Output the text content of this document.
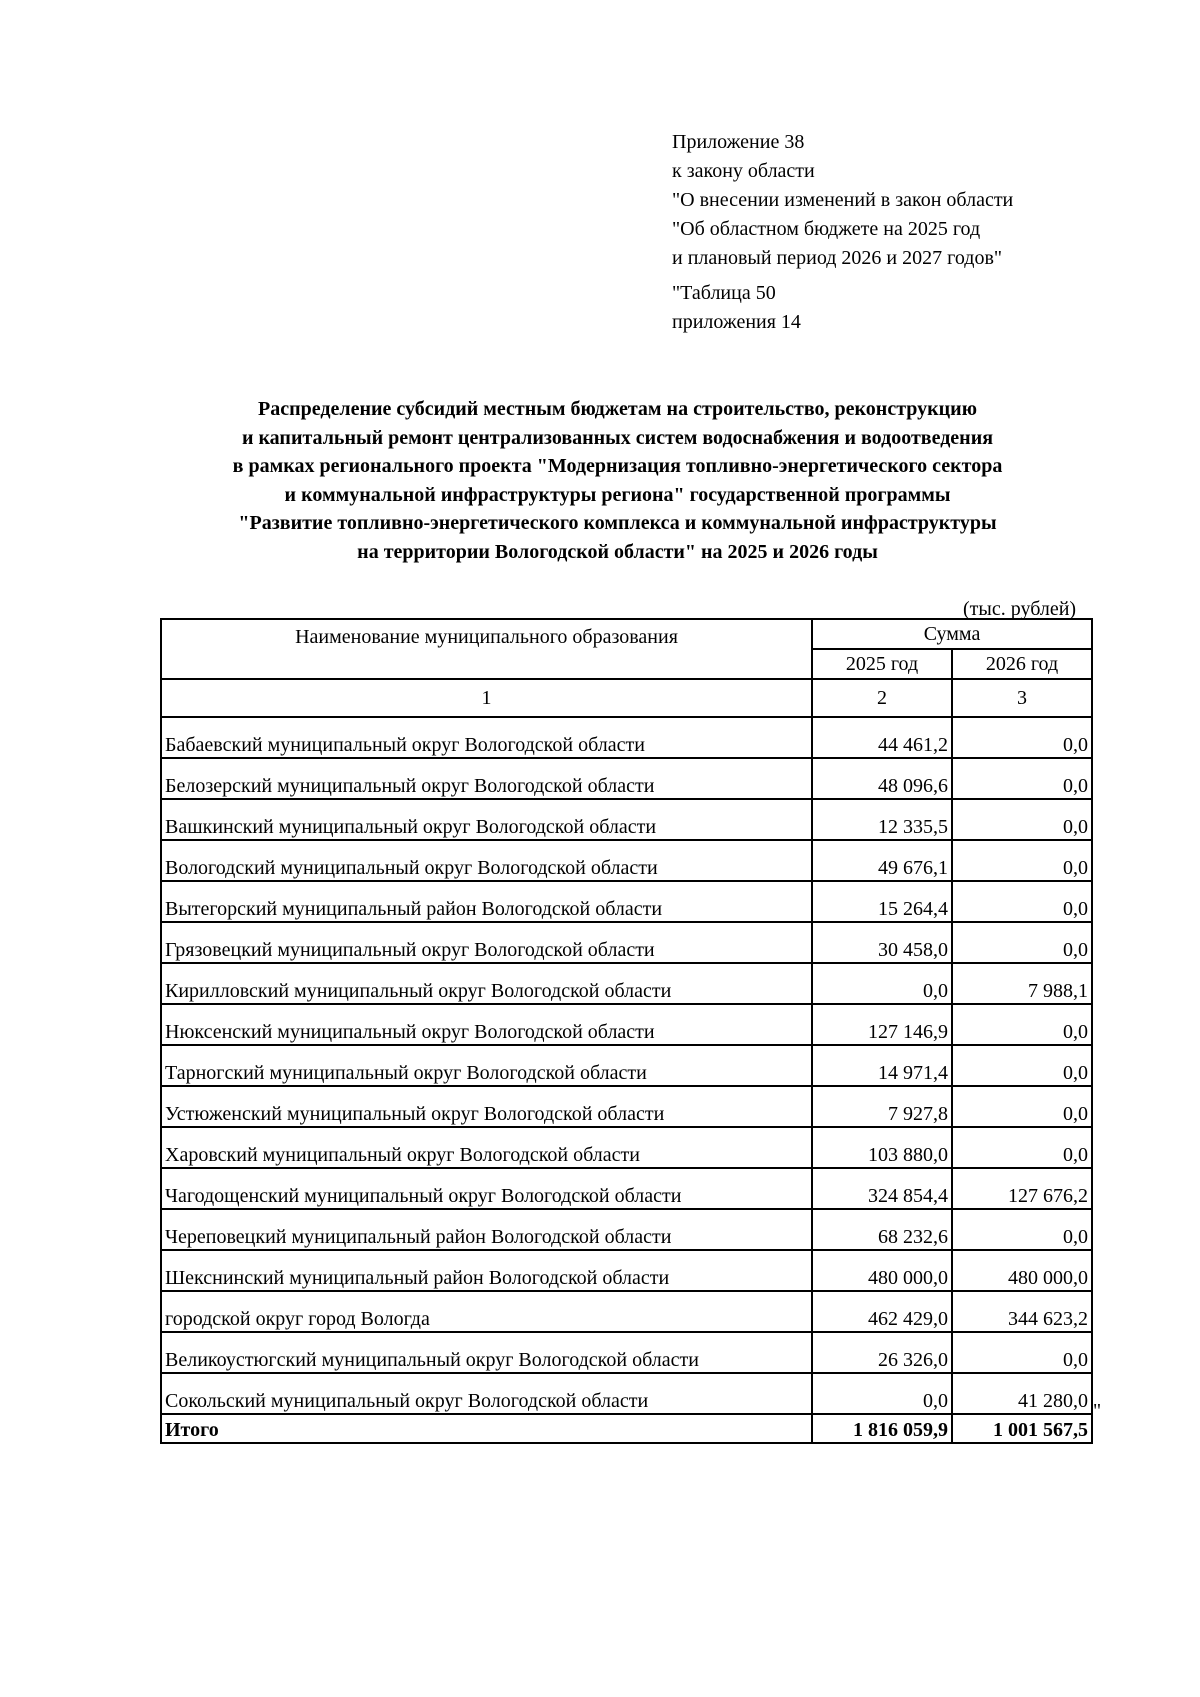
Приложение 38
к закону области
"О внесении изменений в закон области
"Об областном бюджете на 2025 год
и плановый период 2026 и 2027 годов"
"Таблица 50
приложения 14
Распределение субсидий местным бюджетам на строительство, реконструкцию
и капитальный ремонт централизованных систем водоснабжения и водоотведения
в рамках регионального проекта "Модернизация топливно-энергетического сектора
и коммунальной инфраструктуры региона" государственной программы
"Развитие топливно-энергетического комплекса и коммунальной инфраструктуры
на территории Вологодской области" на 2025 и 2026 годы
(тыс. рублей)
Наименование муниципального образования	Сумма	
	2025 год	2026 год
1	2	3
Бабаевский муниципальный округ Вологодской области	44 461,2	0,0
Белозерский муниципальный округ Вологодской области	48 096,6	0,0
Вашкинский муниципальный округ Вологодской области	12 335,5	0,0
Вологодский муниципальный округ Вологодской области	49 676,1	0,0
Вытегорский муниципальный район Вологодской области	15 264,4	0,0
Грязовецкий муниципальный округ Вологодской области	30 458,0	0,0
Кирилловский муниципальный округ Вологодской области	0,0	7 988,1
Нюксенский муниципальный округ Вологодской области	127 146,9	0,0
Тарногский муниципальный округ Вологодской области	14 971,4	0,0
Устюженский муниципальный округ Вологодской области	7 927,8	0,0
Харовский муниципальный округ Вологодской области	103 880,0	0,0
Чагодощенский муниципальный округ Вологодской области	324 854,4	127 676,2
Череповецкий муниципальный район Вологодской области	68 232,6	0,0
Шекснинский муниципальный район Вологодской области	480 000,0	480 000,0
городской округ город Вологда	462 429,0	344 623,2
Великоустюгский муниципальный округ Вологодской области	26 326,0	0,0
Сокольский муниципальный округ Вологодской области	0,0	41 280,0
Итого	1 816 059,9	1 001 567,5
"
